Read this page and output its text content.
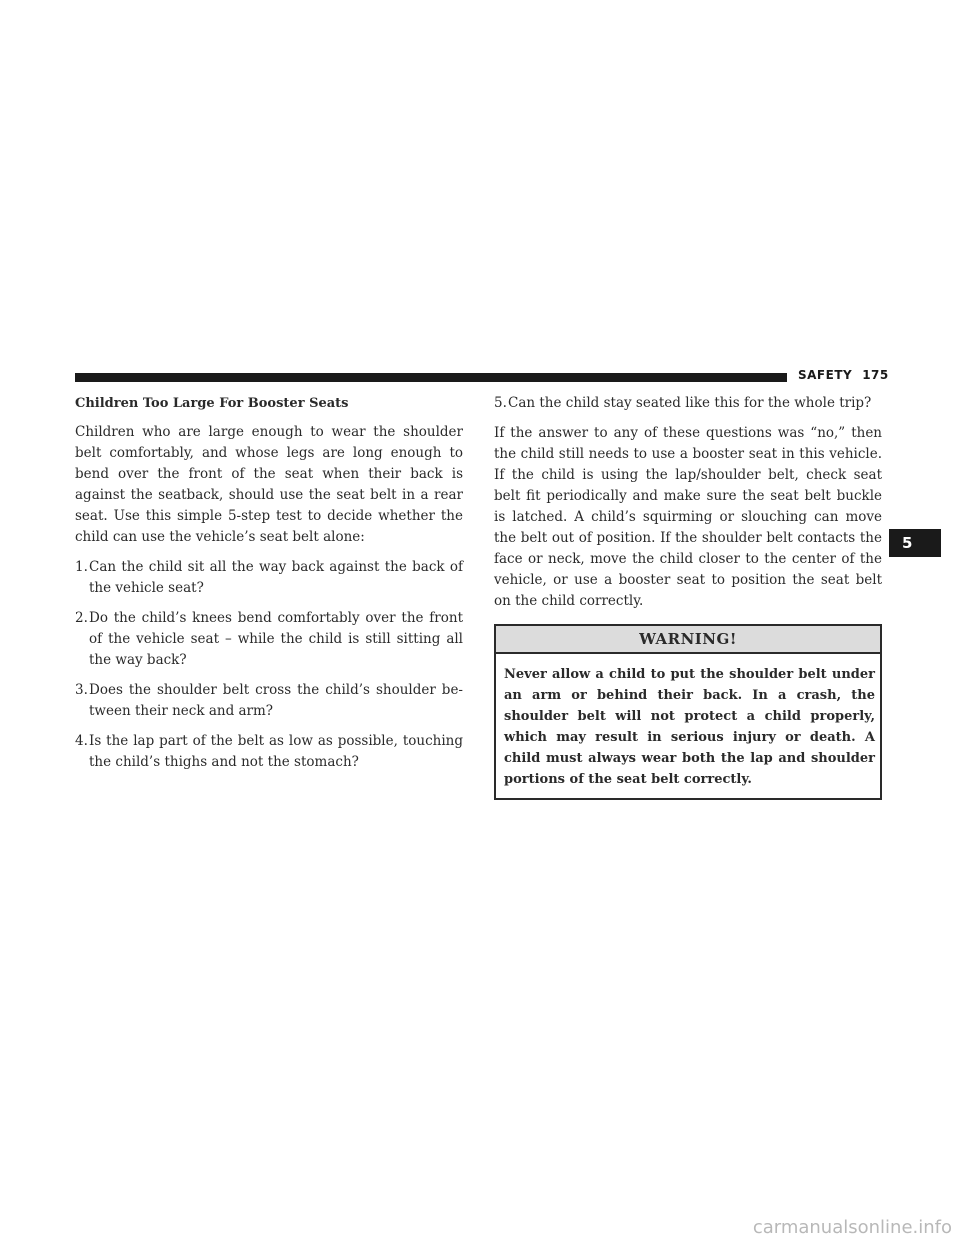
SAFETY 175
5
Children Too Large For Booster Seats

Children who are large enough to wear the shoulder belt comfortably, and whose legs are long enough to bend over the front of the seat when their back is against the seatback, should use the seat belt in a rear seat. Use this simple 5-step test to decide whether the child can use the vehicle’s seat belt alone:

1. Can the child sit all the way back against the back of the vehicle seat?
2. Do the child’s knees bend comfortably over the front of the vehicle seat – while the child is still sitting all the way back?
3. Does the shoulder belt cross the child’s shoulder be-tween their neck and arm?
4. Is the lap part of the belt as low as possible, touching the child’s thighs and not the stomach?
5. Can the child stay seated like this for the whole trip?

If the answer to any of these questions was “no,” then the child still needs to use a booster seat in this vehicle. If the child is using the lap/shoulder belt, check seat belt fit periodically and make sure the seat belt buckle is latched. A child’s squirming or slouching can move the belt out of position. If the shoulder belt contacts the face or neck, move the child closer to the center of the vehicle, or use a booster seat to position the seat belt on the child correctly.

WARNING!
Never allow a child to put the shoulder belt under an arm or behind their back. In a crash, the shoulder belt will not protect a child properly, which may result in serious injury or death. A child must always wear both the lap and shoulder portions of the seat belt correctly.
carmanualsonline.info
